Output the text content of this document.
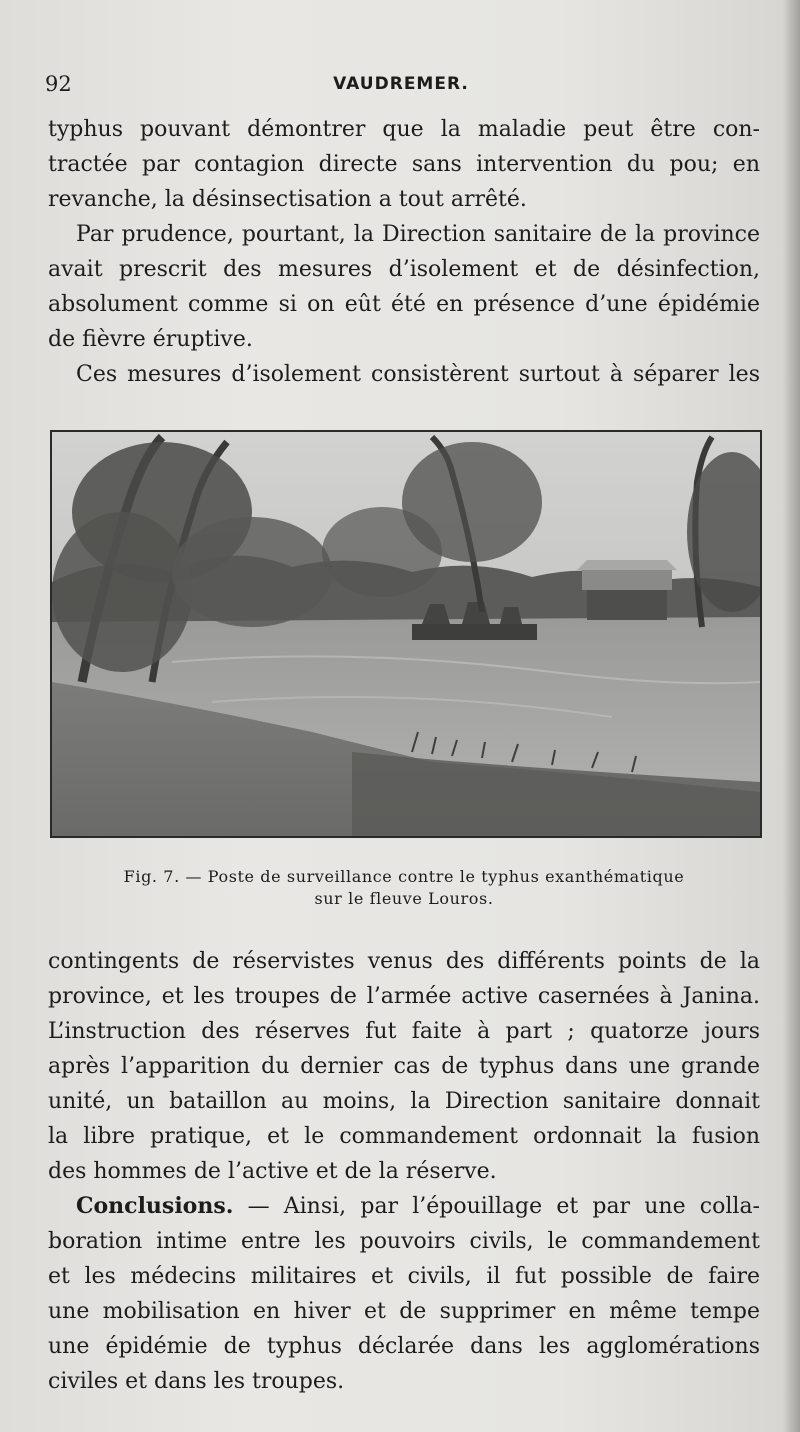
92	VAUDREMER.
typhus pouvant démontrer que la maladie peut être con-
tractée par contagion directe sans intervention du pou; en
revanche, la désinsectisation a tout arrêté.
Par prudence, pourtant, la Direction sanitaire de la province
avait prescrit des mesures d’isolement et de désinfection,
absolument comme si on eût été en présence d’une épidémie
de fièvre éruptive.
Ces mesures d’isolement consistèrent surtout à séparer les
Fig. 7. — Poste de surveillance contre le typhus exanthématique
sur le fleuve Louros.
contingents de réservistes venus des différents points de la
province, et les troupes de l’armée active casernées à Janina.
L’instruction des réserves fut faite à part ; quatorze jours
après l’apparition du dernier cas de typhus dans une grande
unité, un bataillon au moins, la Direction sanitaire donnait
la libre pratique, et le commandement ordonnait la fusion
des hommes de l’active et de la réserve.
Conclusions. — Ainsi, par l’épouillage et par une colla-
boration intime entre les pouvoirs civils, le commandement
et les médecins militaires et civils, il fut possible de faire
une mobilisation en hiver et de supprimer en même tempe
une épidémie de typhus déclarée dans les agglomérations
civiles et dans les troupes.
